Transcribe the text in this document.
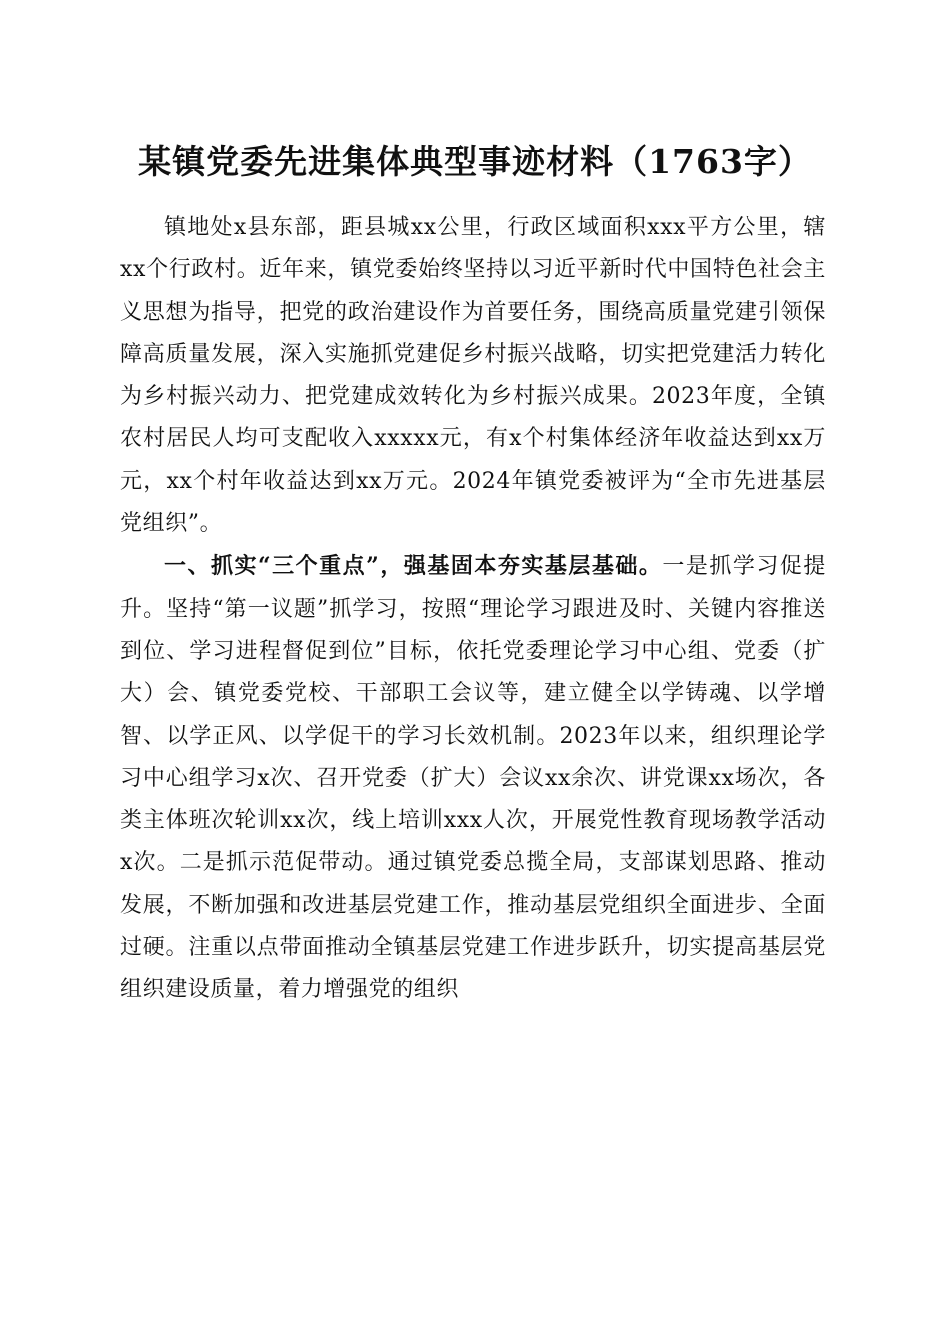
某镇党委先进集体典型事迹材料（1763字）

镇地处x县东部，距县城xx公里，行政区域面积xxx平方公里，辖xx个行政村。近年来，镇党委始终坚持以习近平新时代中国特色社会主义思想为指导，把党的政治建设作为首要任务，围绕高质量党建引领保障高质量发展，深入实施抓党建促乡村振兴战略，切实把党建活力转化为乡村振兴动力、把党建成效转化为乡村振兴成果。2023年度，全镇农村居民人均可支配收入xxxxx元，有x个村集体经济年收益达到xx万元，xx个村年收益达到xx万元。2024年镇党委被评为“全市先进基层党组织”。

一、抓实“三个重点”，强基固本夯实基层基础。一是抓学习促提升。坚持“第一议题”抓学习，按照“理论学习跟进及时、关键内容推送到位、学习进程督促到位”目标，依托党委理论学习中心组、党委（扩大）会、镇党委党校、干部职工会议等，建立健全以学铸魂、以学增智、以学正风、以学促干的学习长效机制。2023年以来，组织理论学习中心组学习x次、召开党委（扩大）会议xx余次、讲党课xx场次，各类主体班次轮训xx次，线上培训xxx人次，开展党性教育现场教学活动x次。二是抓示范促带动。通过镇党委总揽全局，支部谋划思路、推动发展，不断加强和改进基层党建工作，推动基层党组织全面进步、全面过硬。注重以点带面推动全镇基层党建工作进步跃升，切实提高基层党组织建设质量，着力增强党的组织
